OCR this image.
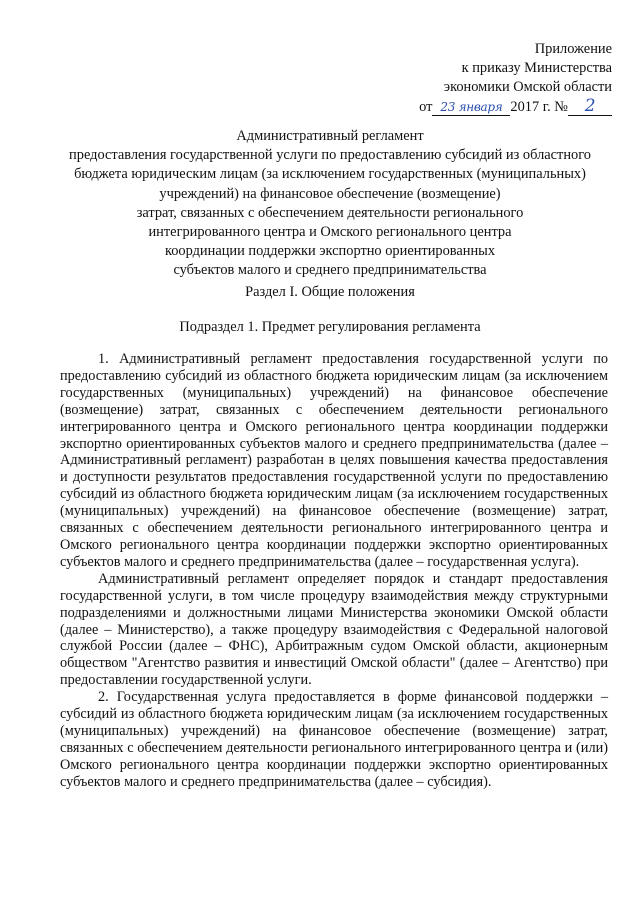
Приложение
к приказу Министерства
экономики Омской области
от 23 января 2017 г. № 2

Административный регламент

предоставления государственной услуги по предоставлению субсидий из областного

бюджета юридическим лицам (за исключением государственных (муниципальных)

учреждений) на финансовое обеспечение (возмещение)

затрат, связанных с обеспечением деятельности регионального

интегрированного центра и Омского регионального центра

координации поддержки экспортно ориентированных

субъектов малого и среднего предпринимательства

Раздел I. Общие положения

Подраздел 1. Предмет регулирования регламента

1. Административный регламент предоставления государственной услуги по предоставлению субсидий из областного бюджета юридическим лицам (за исключением государственных (муниципальных) учреждений) на финансовое обеспечение (возмещение) затрат, связанных с обеспечением деятельности регионального интегрированного центра и Омского регионального центра координации поддержки экспортно ориентированных субъектов малого и среднего предпринимательства (далее – Административный регламент) разработан в целях повышения качества предоставления и доступности результатов предоставления государственной услуги по предоставлению субсидий из областного бюджета юридическим лицам (за исключением государственных (муниципальных) учреждений) на финансовое обеспечение (возмещение) затрат, связанных с обеспечением деятельности регионального интегрированного центра и Омского регионального центра координации поддержки экспортно ориентированных субъектов малого и среднего предпринимательства (далее – государственная услуга).

Административный регламент определяет порядок и стандарт предоставления государственной услуги, в том числе процедуру взаимодействия между структурными подразделениями и должностными лицами Министерства экономики Омской области (далее – Министерство), а также процедуру взаимодействия с Федеральной налоговой службой России (далее – ФНС), Арбитражным судом Омской области, акционерным обществом "Агентство развития и инвестиций Омской области" (далее – Агентство) при предоставлении государственной услуги.

2. Государственная услуга предоставляется в форме финансовой поддержки – субсидий из областного бюджета юридическим лицам (за исключением государственных (муниципальных) учреждений) на финансовое обеспечение (возмещение) затрат, связанных с обеспечением деятельности регионального интегрированного центра и (или) Омского регионального центра координации поддержки экспортно ориентированных субъектов малого и среднего предпринимательства (далее – субсидия).
